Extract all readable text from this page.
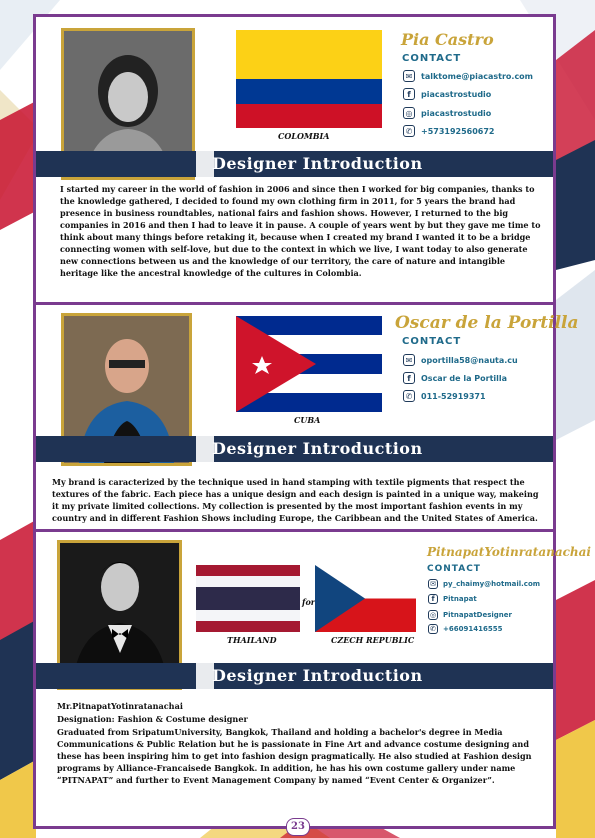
COLOMBIA
Pia Castro
CONTACT
✉	talktome@piacastro.com
f	piacastrostudio
◎	piacastrostudio
✆	+573192560672
Designer Introduction
I started my career in the world of fashion in 2006 and since then I worked for big companies, thanks to the knowledge gathered, I decided to found my own clothing firm in 2011, for 5 years the brand had presence in business roundtables, national fairs and fashion shows. However, I returned to the big companies in 2016 and then I had to leave it in pause. A couple of years went by but they gave me time to think about many things before retaking it, because when I created my brand I wanted it to be a bridge connecting women with self-love, but due to the context in which we live, I want today to also generate new connections between us and the knowledge of our territory, the care of nature and intangible heritage like the ancestral knowledge of the cultures in Colombia.
CUBA
Oscar de la Portilla
CONTACT
✉	oportilla58@nauta.cu
f	Oscar de la Portilla
✆	011-52919371
Designer Introduction
My brand is caracterized by the technique used in hand stamping with textile pigments that respect the textures of the fabric. Each piece has a unique design and each design is painted in a unique way, makeing it my private limited collections. My collection is presented by the most important fashion events in my country and in different Fashion Shows including Europe, the Caribbean and the United States of America.
for
THAILAND	CZECH REPUBLIC
PitnapatYotinratanachai
CONTACT
✉ py_chaimy@hotmail.com
f	Pitnapat
◎ PitnapatDesigner
✆ +66091416555
Designer Introduction
Mr.PitnapatYotinratanachai
Designation: Fashion & Costume designer
Graduated from SripatumUniversity, Bangkok, Thailand and holding a bachelor's degree in Media Communications & Public Relation but he is passionate in Fine Art and advance costume designing and these has been inspiring him to get into fashion design pragmatically. He also studied at Fashion design programs by Alliance-Francaisede Bangkok. In addition, he has his own costume gallery under name “PITNAPAT” and further to Event Management Company by named “Event Center & Organizer”.
23
